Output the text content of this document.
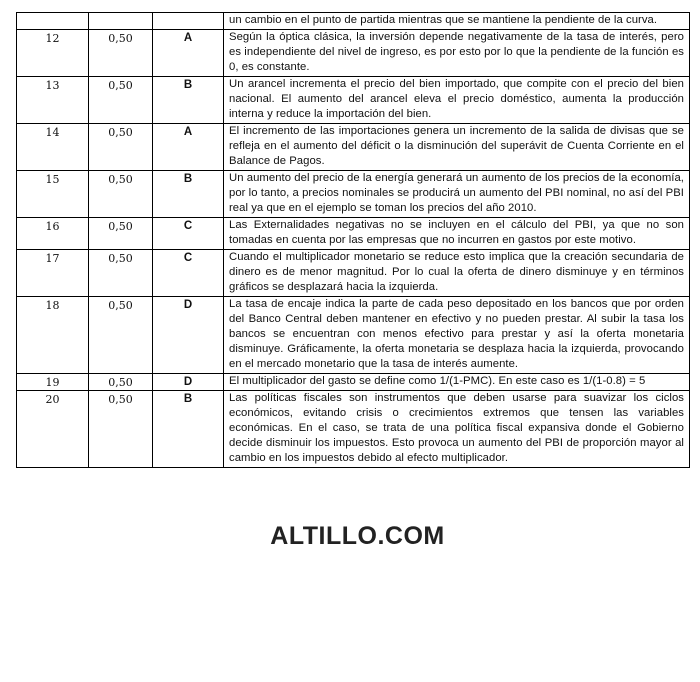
			un cambio en el punto de partida mientras que se mantiene la pendiente de la curva.
12	0,50	A	Según la óptica clásica, la inversión depende negativamente de la tasa de interés, pero es independiente del nivel de ingreso, es por esto por lo que la pendiente de la función es 0, es constante.
13	0,50	B	Un arancel incrementa el precio del bien importado, que compite con el precio del bien nacional. El aumento del arancel eleva el precio doméstico, aumenta la producción interna y reduce la importación del bien.
14	0,50	A	El incremento de las importaciones genera un incremento de la salida de divisas que se refleja en el aumento del déficit o la disminución del superávit de Cuenta Corriente en el Balance de Pagos.
15	0,50	B	Un aumento del precio de la energía generará un aumento de los precios de la economía, por lo tanto, a precios nominales se producirá un aumento del PBI nominal, no así del PBI real ya que en el ejemplo se toman los precios del año 2010.
16	0,50	C	Las Externalidades negativas no se incluyen en el cálculo del PBI, ya que no son tomadas en cuenta por las empresas que no incurren en gastos por este motivo.
17	0,50	C	Cuando el multiplicador monetario se reduce esto implica que la creación secundaria de dinero es de menor magnitud. Por lo cual la oferta de dinero disminuye y en términos gráficos se desplazará hacia la izquierda.
18	0,50	D	La tasa de encaje indica la parte de cada peso depositado en los bancos que por orden del Banco Central deben mantener en efectivo y no pueden prestar. Al subir la tasa los bancos se encuentran con menos efectivo para prestar y así la oferta monetaria disminuye. Gráficamente, la oferta monetaria se desplaza hacia la izquierda, provocando en el mercado monetario que la tasa de interés aumente.
19	0,50	D	El multiplicador del gasto se define como 1/(1-PMC). En este caso es 1/(1-0.8) = 5
20	0,50	B	Las políticas fiscales son instrumentos que deben usarse para suavizar los ciclos económicos, evitando crisis o crecimientos extremos que tensen las variables económicas. En el caso, se trata de una política fiscal expansiva donde el Gobierno decide disminuir los impuestos. Esto provoca un aumento del PBI de proporción mayor al cambio en los impuestos debido al efecto multiplicador.
ALTILLO.COM
